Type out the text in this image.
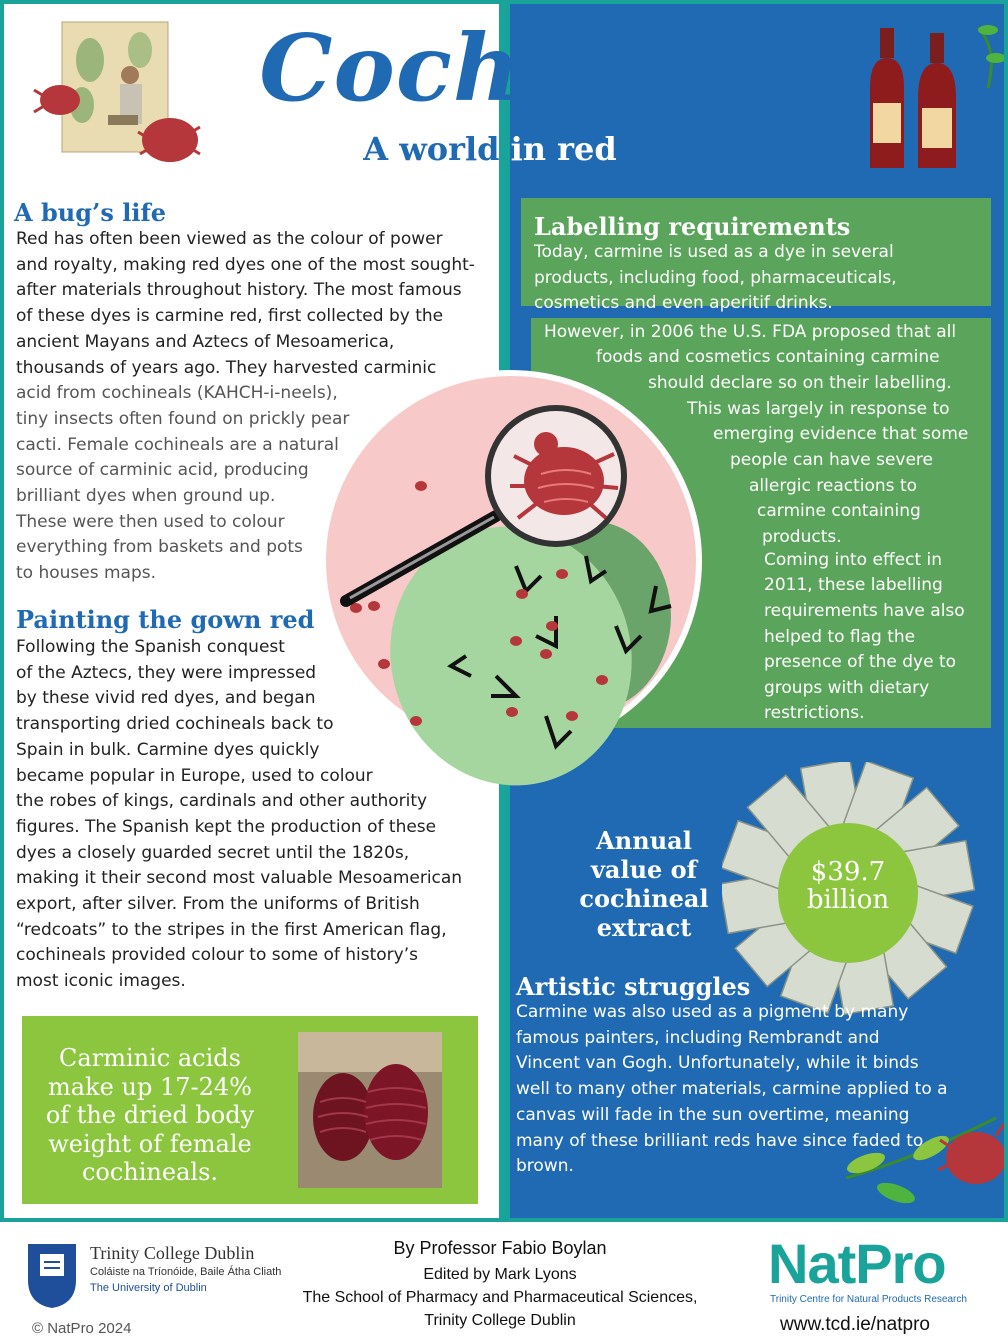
Cochineal
A world in red
A bug’s life
Red has often been viewed as the colour of power
and royalty, making red dyes one of the most sought-
after materials throughout history. The most famous
of these dyes is carmine red, first collected by the
ancient Mayans and Aztecs of Mesoamerica,
thousands of years ago. They harvested carminic
acid from cochineals (KAHCH-i-neels),
tiny insects often found on prickly pear
cacti. Female cochineals are a natural
source of carminic acid, producing
brilliant dyes when ground up.
These were then used to colour
everything from baskets and pots
to houses maps.
Painting the gown red
Following the Spanish conquest
of the Aztecs, they were impressed
by these vivid red dyes, and began
transporting dried cochineals back to
Spain in bulk. Carmine dyes quickly
became popular in Europe, used to colour
the robes of kings, cardinals and other authority
figures. The Spanish kept the production of these
dyes a closely guarded secret until the 1820s,
making it their second most valuable Mesoamerican
export, after silver. From the uniforms of British
“redcoats” to the stripes in the first American flag,
cochineals provided colour to some of history’s
most iconic images.
Labelling requirements
Today, carmine is used as a dye in several
products, including food, pharmaceuticals,
cosmetics and even aperitif drinks.
However, in 2006 the U.S. FDA proposed that all
foods and cosmetics containing carmine
should declare so on their labelling.
This was largely in response to
emerging evidence that some
people can have severe
allergic reactions to
carmine containing
products.
Coming into effect in
2011, these labelling
requirements have also
helped to flag the
presence of the dye to
groups with dietary
restrictions.
$39.7
billion
Annual
value of
cochineal
extract
Artistic struggles
Carmine was also used as a pigment by many
famous painters, including Rembrandt and
Vincent van Gogh. Unfortunately, while it binds
well to many other materials, carmine applied to a
canvas will fade in the sun overtime, meaning
many of these brilliant reds have since faded to
brown.
Carminic acids
make up 17-24%
of the dried body
weight of female
cochineals.
Trinity College Dublin
Coláiste na Tríonóide, Baile Átha Cliath
The University of Dublin
© NatPro 2024
By Professor Fabio Boylan
Edited by Mark Lyons
The School of Pharmacy and Pharmaceutical Sciences,
Trinity College Dublin
NatPro
Trinity Centre for Natural Products Research
www.tcd.ie/natpro
